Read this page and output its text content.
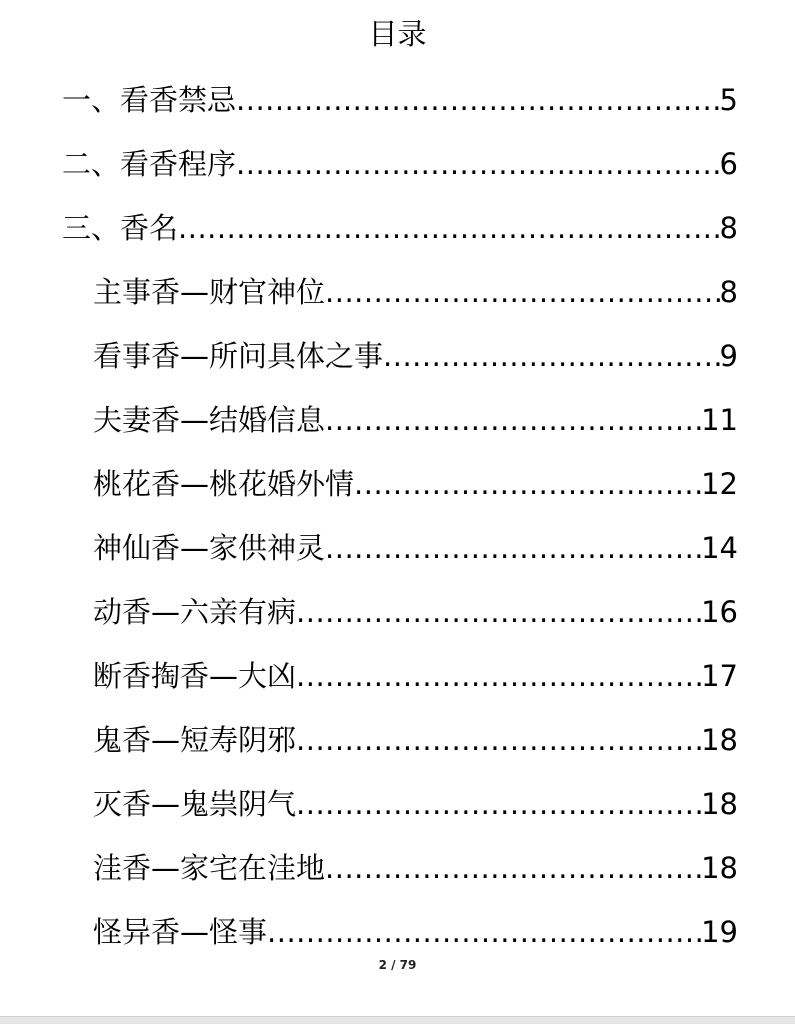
目录
一、看香禁忌 .....	5
二、看香程序 .....	6
三、香名 .....	8
主事香—财官神位 .....	8
看事香—所问具体之事 .....	9
夫妻香—结婚信息 .....	11
桃花香—桃花婚外情 .....	12
神仙香—家供神灵 .....	14
动香—六亲有病 .....	16
断香掏香—大凶 .....	17
鬼香—短寿阴邪 .....	18
灭香—鬼祟阴气 .....	18
洼香—家宅在洼地 .....	18
怪异香—怪事 .....	19
2 / 79
